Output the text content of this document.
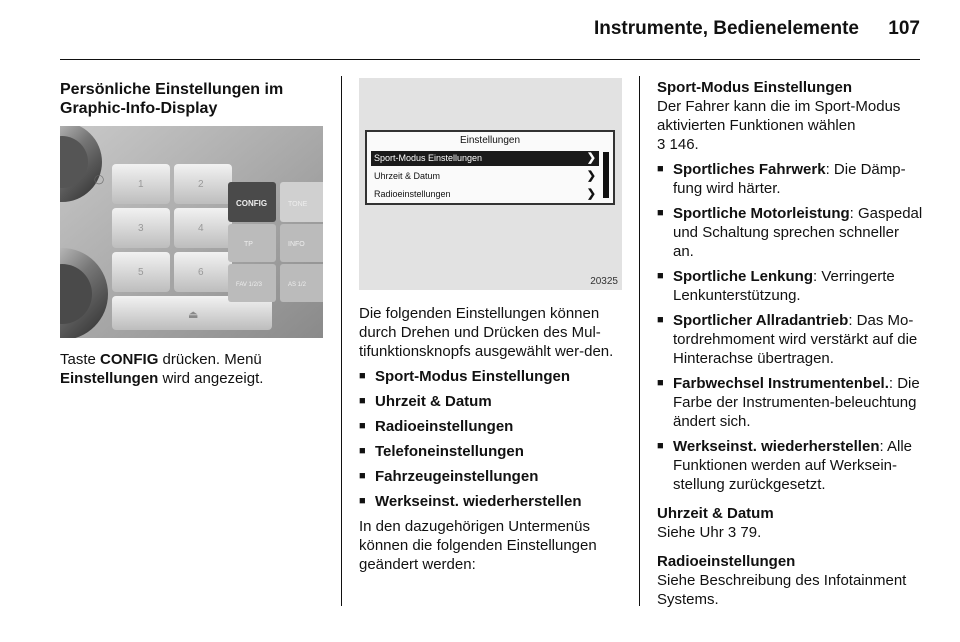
Instrumente, Bedienelemente 107
Persönliche Einstellungen im
Graphic-Info-Display
◯	1	2
3	4
5	6
⏏
CONFIG	TONE
TP	INFO
FAV 1/2/3	AS 1/2

Taste CONFIG drücken. Menü
Einstellungen wird angezeigt.

Einstellungen
Sport-Modus Einstellungen	❯
Uhrzeit & Datum	❯
Radioeinstellungen	❯
20325

Die folgenden Einstellungen können durch Drehen und Drücken des Mul-tifunktionsknopfs ausgewählt wer-den.

■ Sport-Modus Einstellungen
■ Uhrzeit & Datum
■ Radioeinstellungen
■ Telefoneinstellungen
■ Fahrzeugeinstellungen
■ Werkseinst. wiederherstellen

In den dazugehörigen Untermenüs können die folgenden Einstellungen geändert werden:

Sport-Modus Einstellungen
Der Fahrer kann die im Sport-Modus aktivierten Funktionen wählen
3 146.

■ Sportliches Fahrwerk: Die Dämp-fung wird härter.
■ Sportliche Motorleistung: Gaspedal und Schaltung sprechen schneller an.
■ Sportliche Lenkung: Verringerte Lenkunterstützung.
■ Sportlicher Allradantrieb: Das Mo-tordrehmoment wird verstärkt auf die Hinterachse übertragen.
■ Farbwechsel Instrumentenbel.: Die Farbe der Instrumenten-beleuchtung ändert sich.
■ Werkseinst. wiederherstellen: Alle Funktionen werden auf Werksein-stellung zurückgesetzt.

Uhrzeit & Datum
Siehe Uhr 3 79.

Radioeinstellungen
Siehe Beschreibung des Infotainment Systems.
